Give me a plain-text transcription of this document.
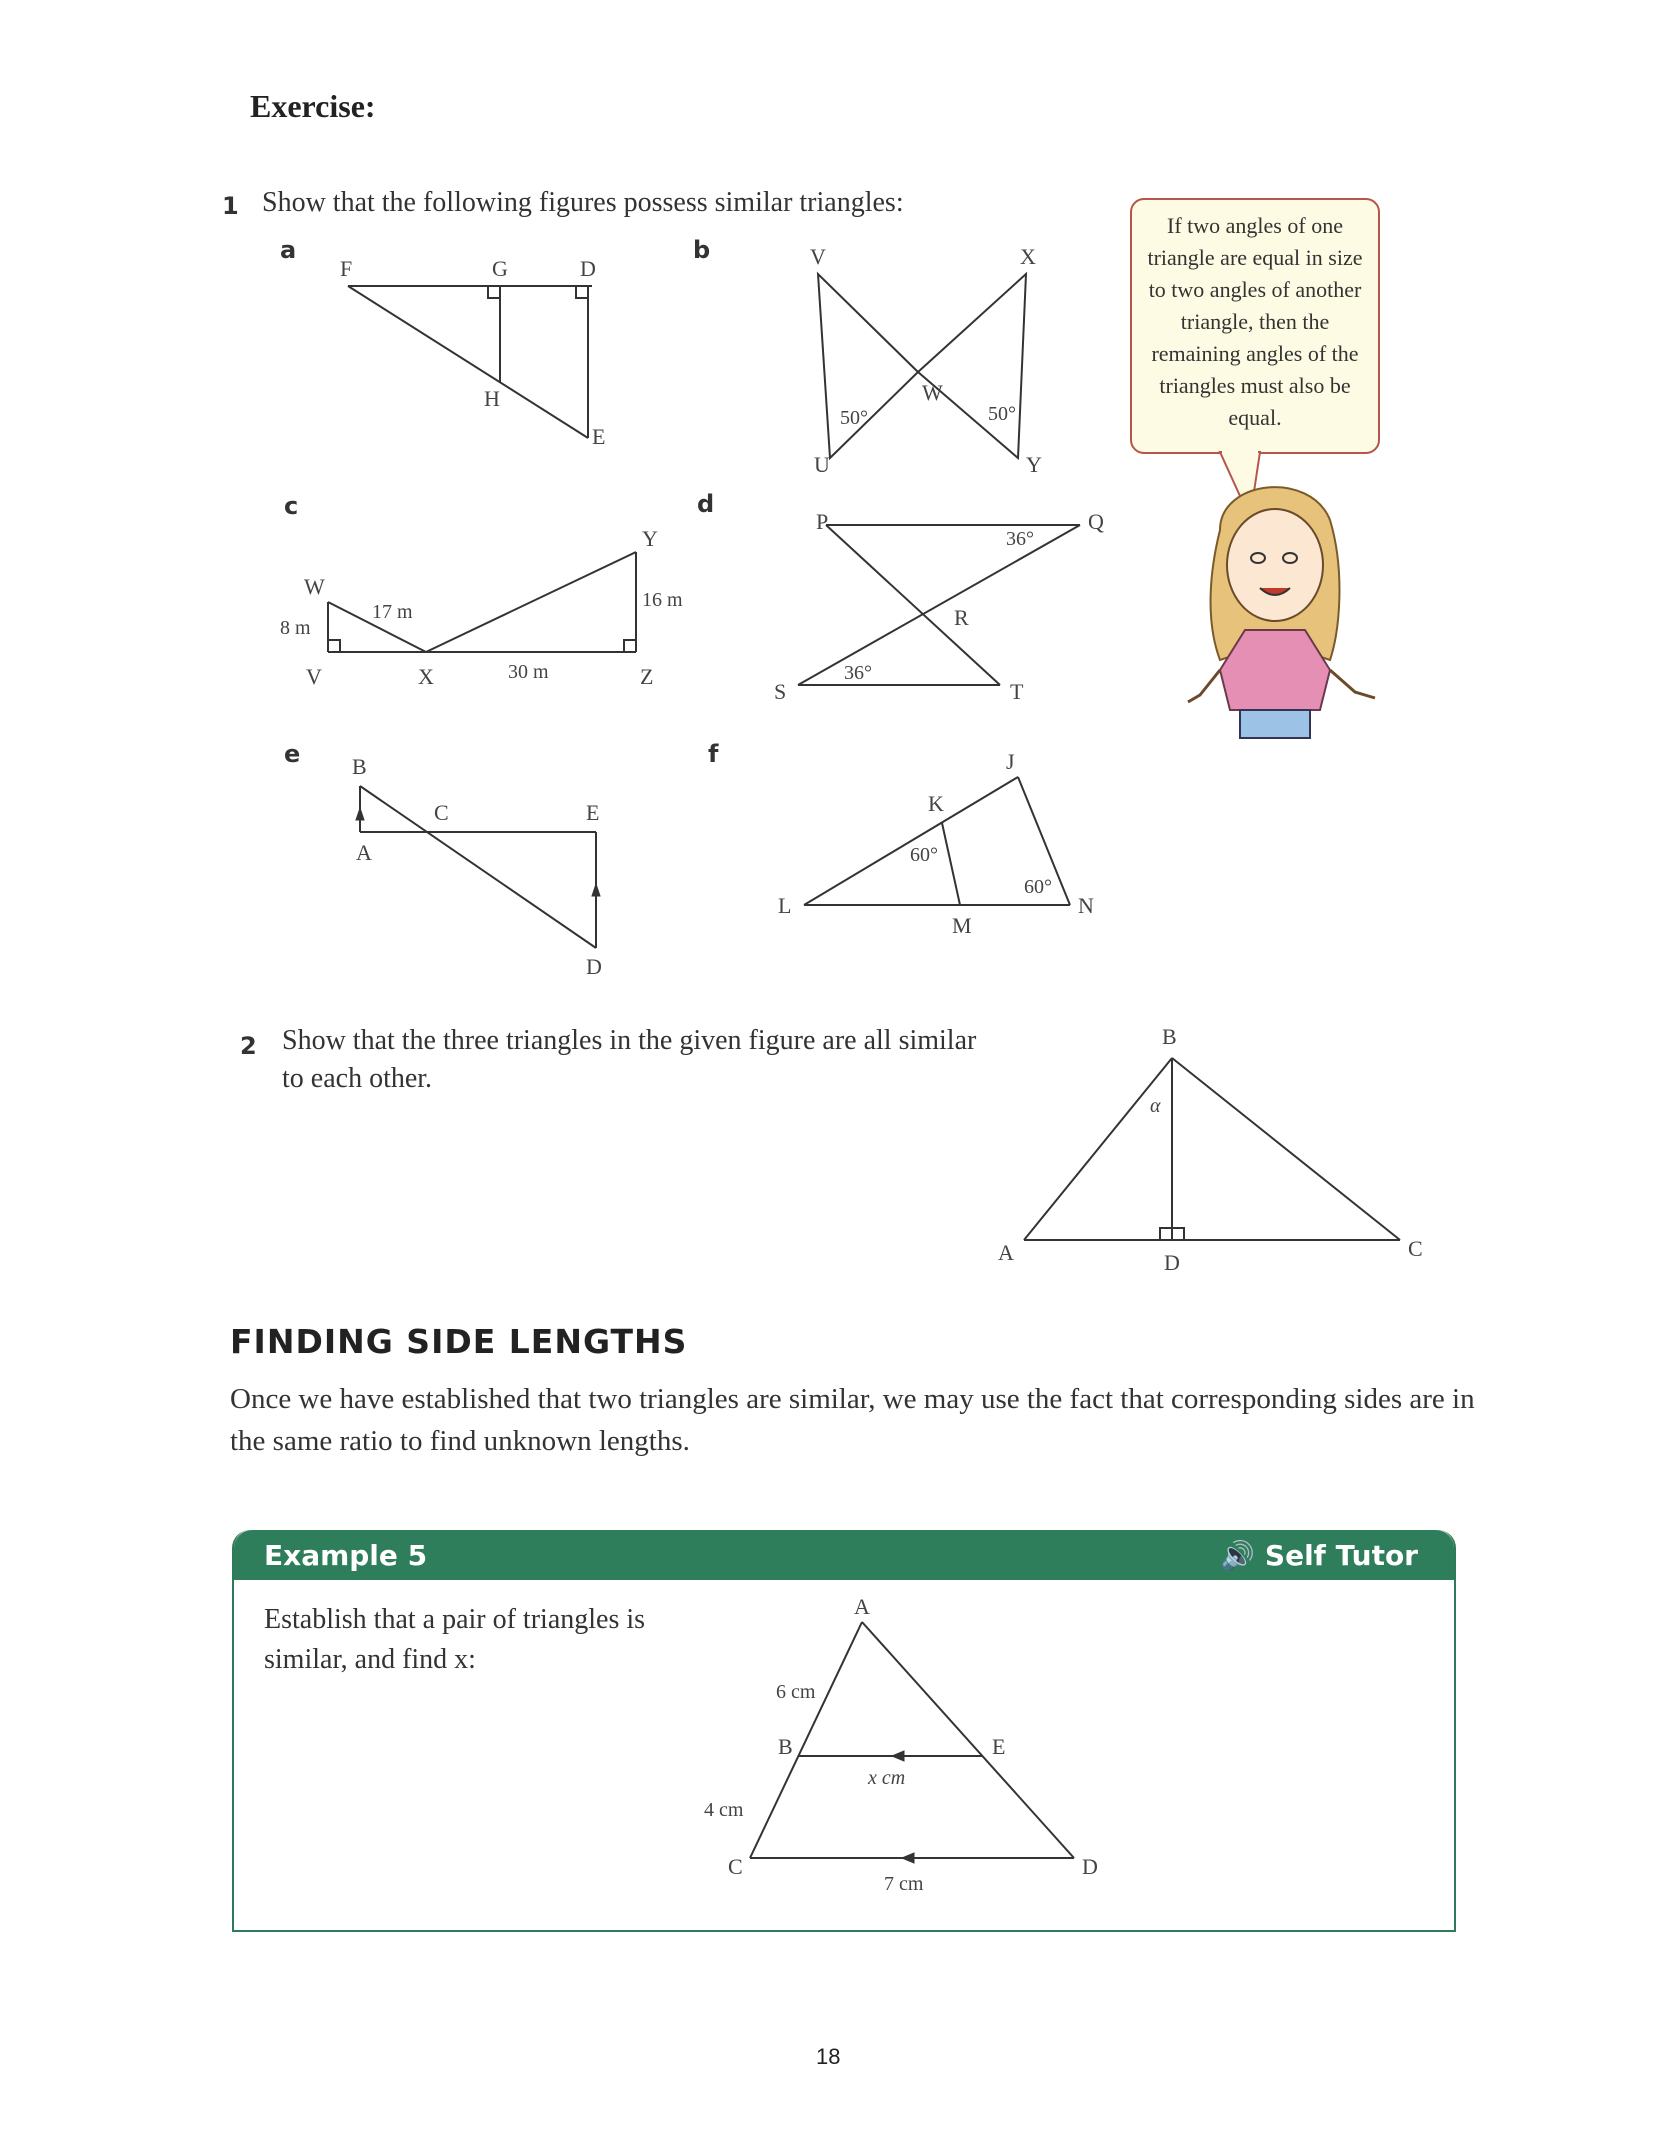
Exercise:
1 Show that the following figures possess similar triangles:
a	b
c	d
e	f
F	G	D
H
E
V	X
W
U	Y
50°	50°
W
V	X
Y
Z
17 m
8 m
30 m
16 m
P	Q
R
S	T
36°
36°
B
C	E
A
D
J
K
L
M
N
60°
60°
If two angles of one triangle are equal in size to two angles of another triangle, then the remaining angles of the triangles must also be equal.
2 Show that the three triangles in the given figure are all similar to each other.
B
α
A	D
C
FINDING SIDE LENGTHS
Once we have established that two triangles are similar, we may use the fact that corresponding sides are in the same ratio to find unknown lengths.
Example 5	🔊 Self Tutor
Establish that a pair of triangles is similar, and find x:
A
6 cm
B	E
x cm
4 cm
C	D
7 cm
18
